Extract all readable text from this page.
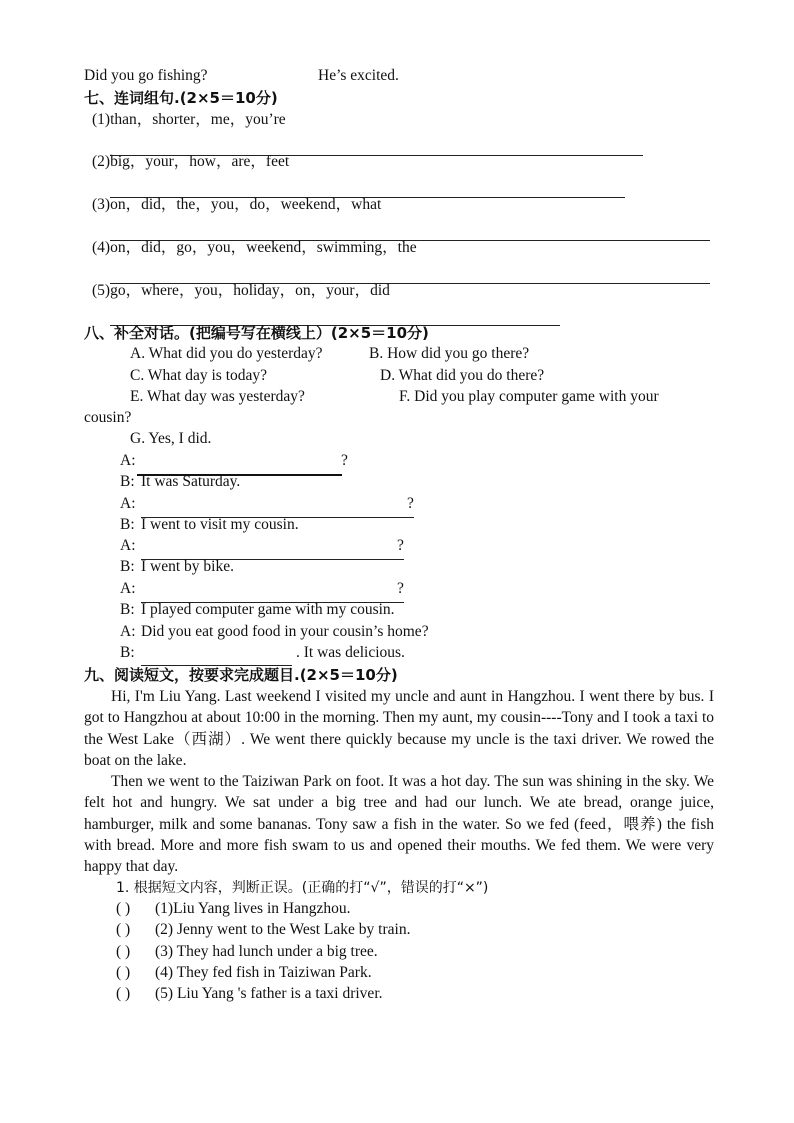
Did you go fishing?	He’s excited.
七、连词组句.(2×5＝10分)
(1)than，shorter，me，you’re
(2)big，your，how，are，feet
(3)on，did，the，you，do，weekend，what
(4)on，did，go，you，weekend，swimming，the
(5)go，where，you，holiday，on，your，did
八、补全对话。(把编号写在横线上）(2×5＝10分)
A. What did you do yesterday?	B. How did you go there?
C. What day is today?	D. What did you do there?
E. What day was yesterday?	F. Did you play computer game with your
cousin?
G. Yes, I did.
A:	?
B: It was Saturday.
A:	?
B: I went to visit my cousin.
A:	?
B: I went by bike.
A:	?
B: I played computer game with my cousin.
A: Did you eat good food in your cousin’s home?
B:	. It was delicious.
九、阅读短文，按要求完成题目.(2×5＝10分)
Hi, I'm Liu Yang. Last weekend I visited my uncle and aunt in Hangzhou. I went there by bus. I got to Hangzhou at about 10:00 in the morning. Then my aunt, my cousin----Tony and I took a taxi to the West Lake（西湖）. We went there quickly because my uncle is the taxi driver. We rowed the boat on the lake.
Then we went to the Taiziwan Park on foot. It was a hot day. The sun was shining in the sky. We felt hot and hungry. We sat under a big tree and had our lunch. We ate bread, orange juice, hamburger, milk and some bananas. Tony saw a fish in the water. So we fed (feed，喂养) the fish with bread. More and more fish swam to us and opened their mouths. We fed them. We were very happy that day.
1. 根据短文内容，判断正误。(正确的打“√”，错误的打“×”)
( ) (1)Liu Yang lives in Hangzhou.
( ) (2) Jenny went to the West Lake by train.
( ) (3) They had lunch under a big tree.
( ) (4) They fed fish in Taiziwan Park.
( ) (5) Liu Yang 's father is a taxi driver.
